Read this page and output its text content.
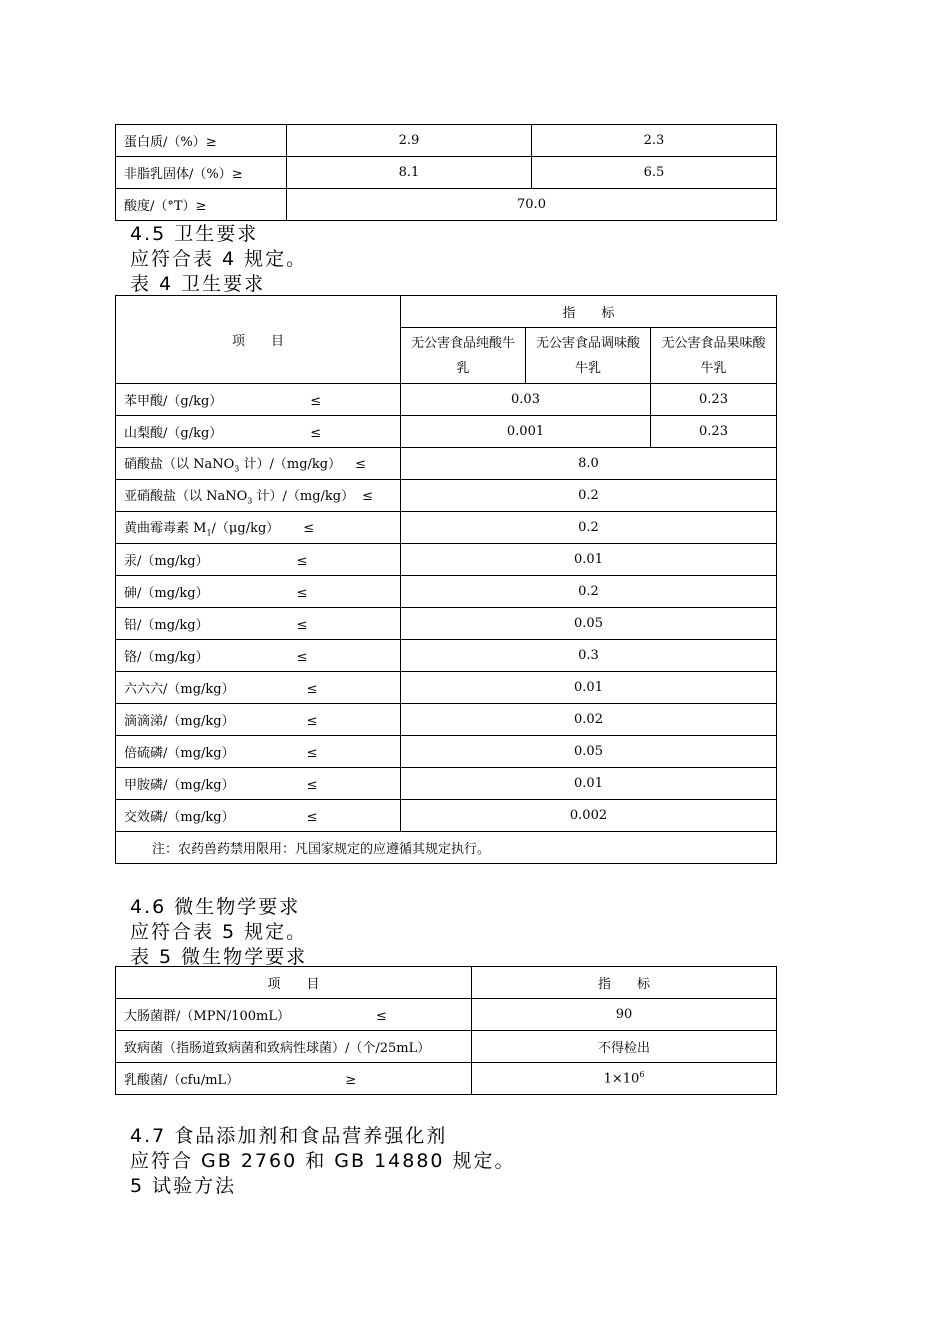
蛋白质/（%）≥	2.9	2.3
非脂乳固体/（%）≥	8.1	6.5
酸度/（°T）≥	70.0	
4.5 卫生要求
应符合表 4 规定。
表 4 卫生要求
项　　目	指　　标		
	无公害食品纯酸牛乳	无公害食品调味酸牛乳	无公害食品果味酸牛乳
苯甲酸/（g/kg） ≤	0.03		0.23
山梨酸/（g/kg） ≤	0.001		0.23
硝酸盐（以 NaNO$_3$ 计）/（mg/kg） ≤	8.0		
亚硝酸盐（以 NaNO$_3$ 计）/（mg/kg） ≤	0.2		
黄曲霉毒素 $M_1/(\mu g/kg)$ ≤	0.2		
汞/（mg/kg） ≤	0.01		
砷/（mg/kg） ≤	0.2		
铅/（mg/kg） ≤	0.05		
铬/（mg/kg） ≤	0.3		
六六六/（mg/kg） ≤	0.01		
滴滴涕/（mg/kg） ≤	0.02		
倍硫磷/（mg/kg） ≤	0.05		
甲胺磷/（mg/kg） ≤	0.01		
交效磷/（mg/kg） ≤	0.002		
注：农药兽药禁用限用：凡国家规定的应遵循其规定执行。			
4.6 微生物学要求
应符合表 5 规定。
表 5 微生物学要求
项　　目	指　　标
大肠菌群/（MPN/100mL） ≤	90
致病菌（指肠道致病菌和致病性球菌）/（个/25mL）	不得检出
乳酸菌/（cfu/mL） ≥	$1\times 10^6$
4.7 食品添加剂和食品营养强化剂
应符合 GB 2760 和 GB 14880 规定。
5 试验方法
